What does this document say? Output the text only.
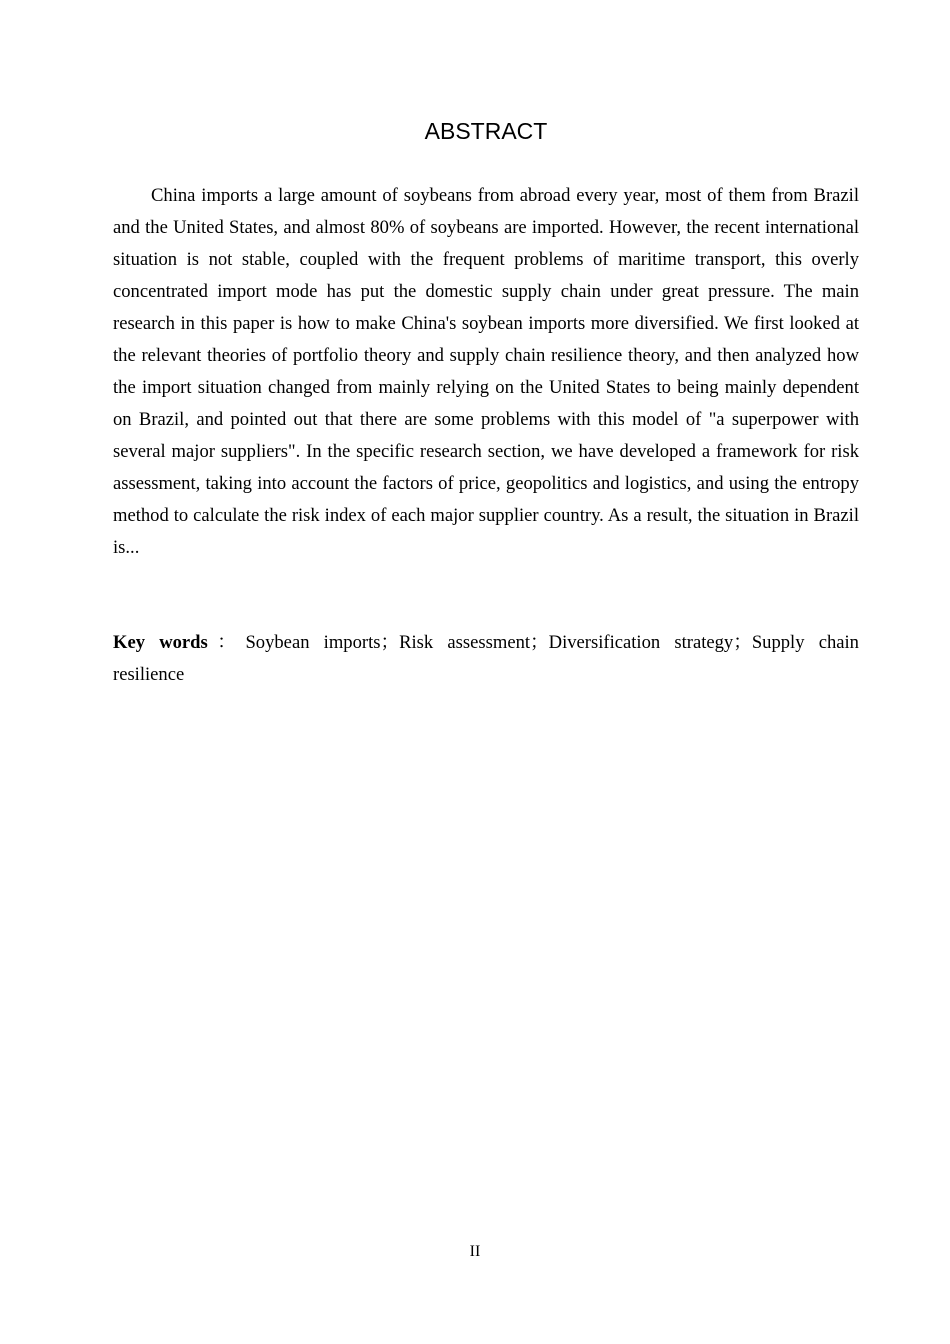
ABSTRACT

China imports a large amount of soybeans from abroad every year, most of them from Brazil and the United States, and almost 80% of soybeans are imported. However, the recent international situation is not stable, coupled with the frequent problems of maritime transport, this overly concentrated import mode has put the domestic supply chain under great pressure. The main research in this paper is how to make China's soybean imports more diversified. We first looked at the relevant theories of portfolio theory and supply chain resilience theory, and then analyzed how the import situation changed from mainly relying on the United States to being mainly dependent on Brazil, and pointed out that there are some problems with this model of "a superpower with several major suppliers". In the specific research section, we have developed a framework for risk assessment, taking into account the factors of price, geopolitics and logistics, and using the entropy method to calculate the risk index of each major supplier country. As a result, the situation in Brazil is...

Key words：Soybean imports；Risk assessment；Diversification strategy；Supply chain resilience

II
